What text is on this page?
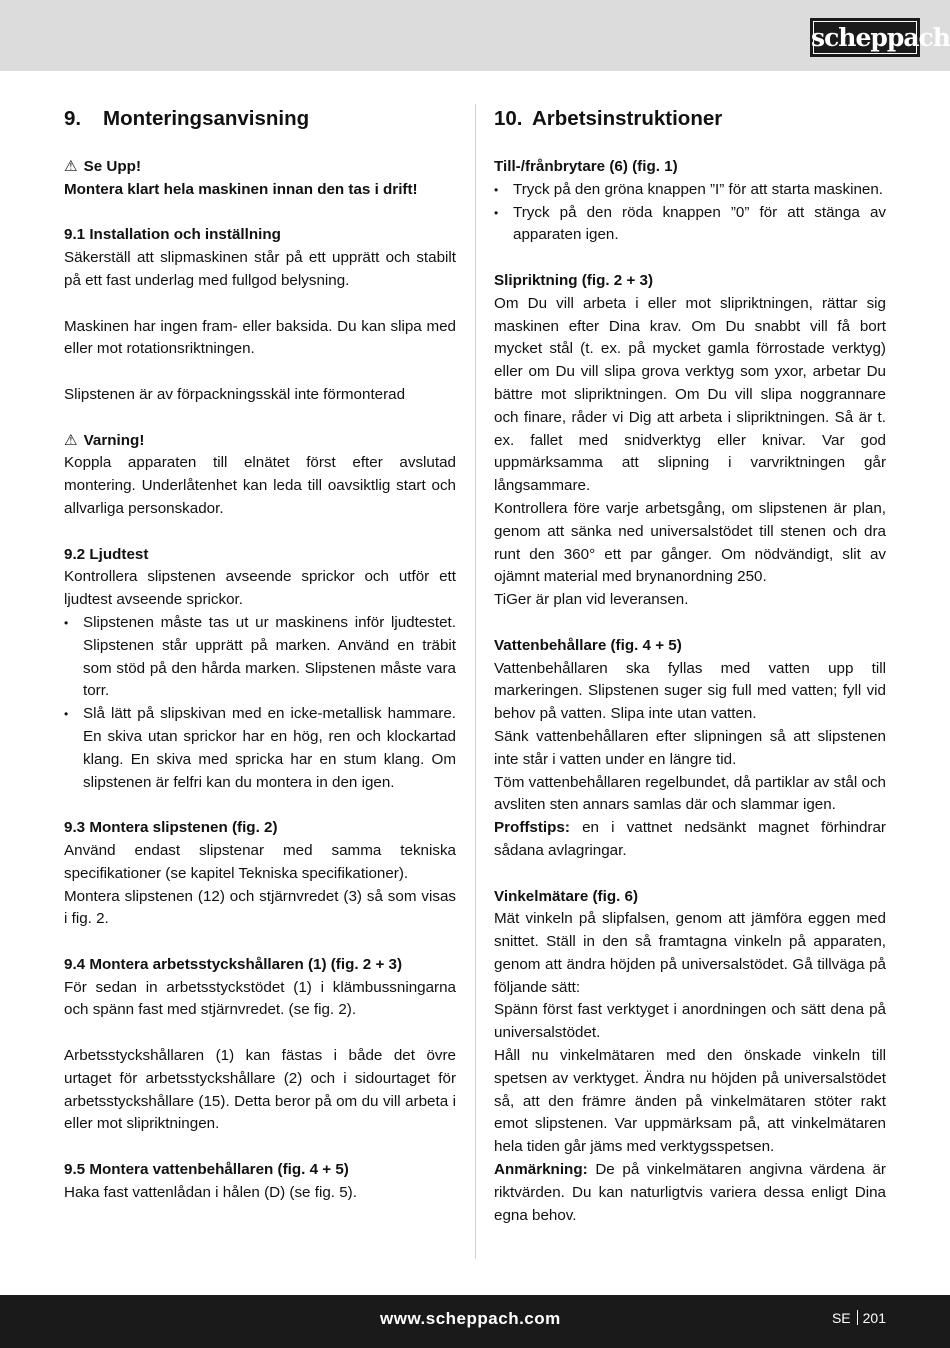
scheppach
9.	Monteringsanvisning

⚠ Se Upp!

Montera klart hela maskinen innan den tas i drift!

9.1 Installation och inställning

Säkerställ att slipmaskinen står på ett upprätt och stabilt på ett fast underlag med fullgod belysning.

Maskinen har ingen fram- eller baksida. Du kan slipa med eller mot rotationsriktningen.

Slipstenen är av förpackningsskäl inte förmonterad

⚠ Varning!

Koppla apparaten till elnätet först efter avslutad montering. Underlåtenhet kan leda till oavsiktlig start och allvarliga personskador.

9.2 Ljudtest

Kontrollera slipstenen avseende sprickor och utför ett ljudtest avseende sprickor.

• Slipstenen måste tas ut ur maskinens inför ljudtestet. Slipstenen står upprätt på marken. Använd en träbit som stöd på den hårda marken. Slipstenen måste vara torr.
• Slå lätt på slipskivan med en icke-metallisk hammare. En skiva utan sprickor har en hög, ren och klockartad klang. En skiva med spricka har en stum klang. Om slipstenen är felfri kan du montera in den igen.

9.3 Montera slipstenen (fig. 2)

Använd endast slipstenar med samma tekniska specifikationer (se kapitel Tekniska specifikationer).

Montera slipstenen (12) och stjärnvredet (3) så som visas i fig. 2.

9.4 Montera arbetsstyckshållaren (1) (fig. 2 + 3)

För sedan in arbetsstyckstödet (1) i klämbussningarna och spänn fast med stjärnvredet. (se fig. 2).

Arbetsstyckshållaren (1) kan fästas i både det övre urtaget för arbetsstyckshållare (2) och i sidourtaget för arbetsstyckshållare (15). Detta beror på om du vill arbeta i eller mot slipriktningen.

9.5 Montera vattenbehållaren (fig. 4 + 5)

Haka fast vattenlådan i hålen (D) (se fig. 5).

10. Arbetsinstruktioner

Till-/frånbrytare (6) (fig. 1)

• Tryck på den gröna knappen ”I” för att starta maskinen.
• Tryck på den röda knappen ”0” för att stänga av apparaten igen.

Slipriktning (fig. 2 + 3)

Om Du vill arbeta i eller mot slipriktningen, rättar sig maskinen efter Dina krav. Om Du snabbt vill få bort mycket stål (t. ex. på mycket gamla förrostade verktyg) eller om Du vill slipa grova verktyg som yxor, arbetar Du bättre mot slipriktningen. Om Du vill slipa noggrannare och finare, råder vi Dig att arbeta i slipriktningen. Så är t. ex. fallet med snidverktyg eller knivar. Var god uppmärksamma att slipning i varvriktningen går långsammare.

Kontrollera före varje arbetsgång, om slipstenen är plan, genom att sänka ned universalstödet till stenen och dra runt den 360° ett par gånger. Om nödvändigt, slit av ojämnt material med brynanordning 250.

TiGer är plan vid leveransen.

Vattenbehållare (fig. 4 + 5)

Vattenbehållaren ska fyllas med vatten upp till markeringen. Slipstenen suger sig full med vatten; fyll vid behov på vatten. Slipa inte utan vatten.

Sänk vattenbehållaren efter slipningen så att slipstenen inte står i vatten under en längre tid.

Töm vattenbehållaren regelbundet, då partiklar av stål och avsliten sten annars samlas där och slammar igen.

Proffstips: en i vattnet nedsänkt magnet förhindrar sådana avlagringar.

Vinkelmätare (fig. 6)

Mät vinkeln på slipfalsen, genom att jämföra eggen med snittet. Ställ in den så framtagna vinkeln på apparaten, genom att ändra höjden på universalstödet. Gå tillväga på följande sätt:

Spänn först fast verktyget i anordningen och sätt dena på universalstödet.

Håll nu vinkelmätaren med den önskade vinkeln till spetsen av verktyget. Ändra nu höjden på universalstödet så, att den främre änden på vinkelmätaren stöter rakt emot slipstenen. Var uppmärksam på, att vinkelmätaren hela tiden går jäms med verktygsspetsen.

Anmärkning: De på vinkelmätaren angivna värdena är riktvärden. Du kan naturligtvis variera dessa enligt Dina egna behov.

www.scheppach.com	SE 201
